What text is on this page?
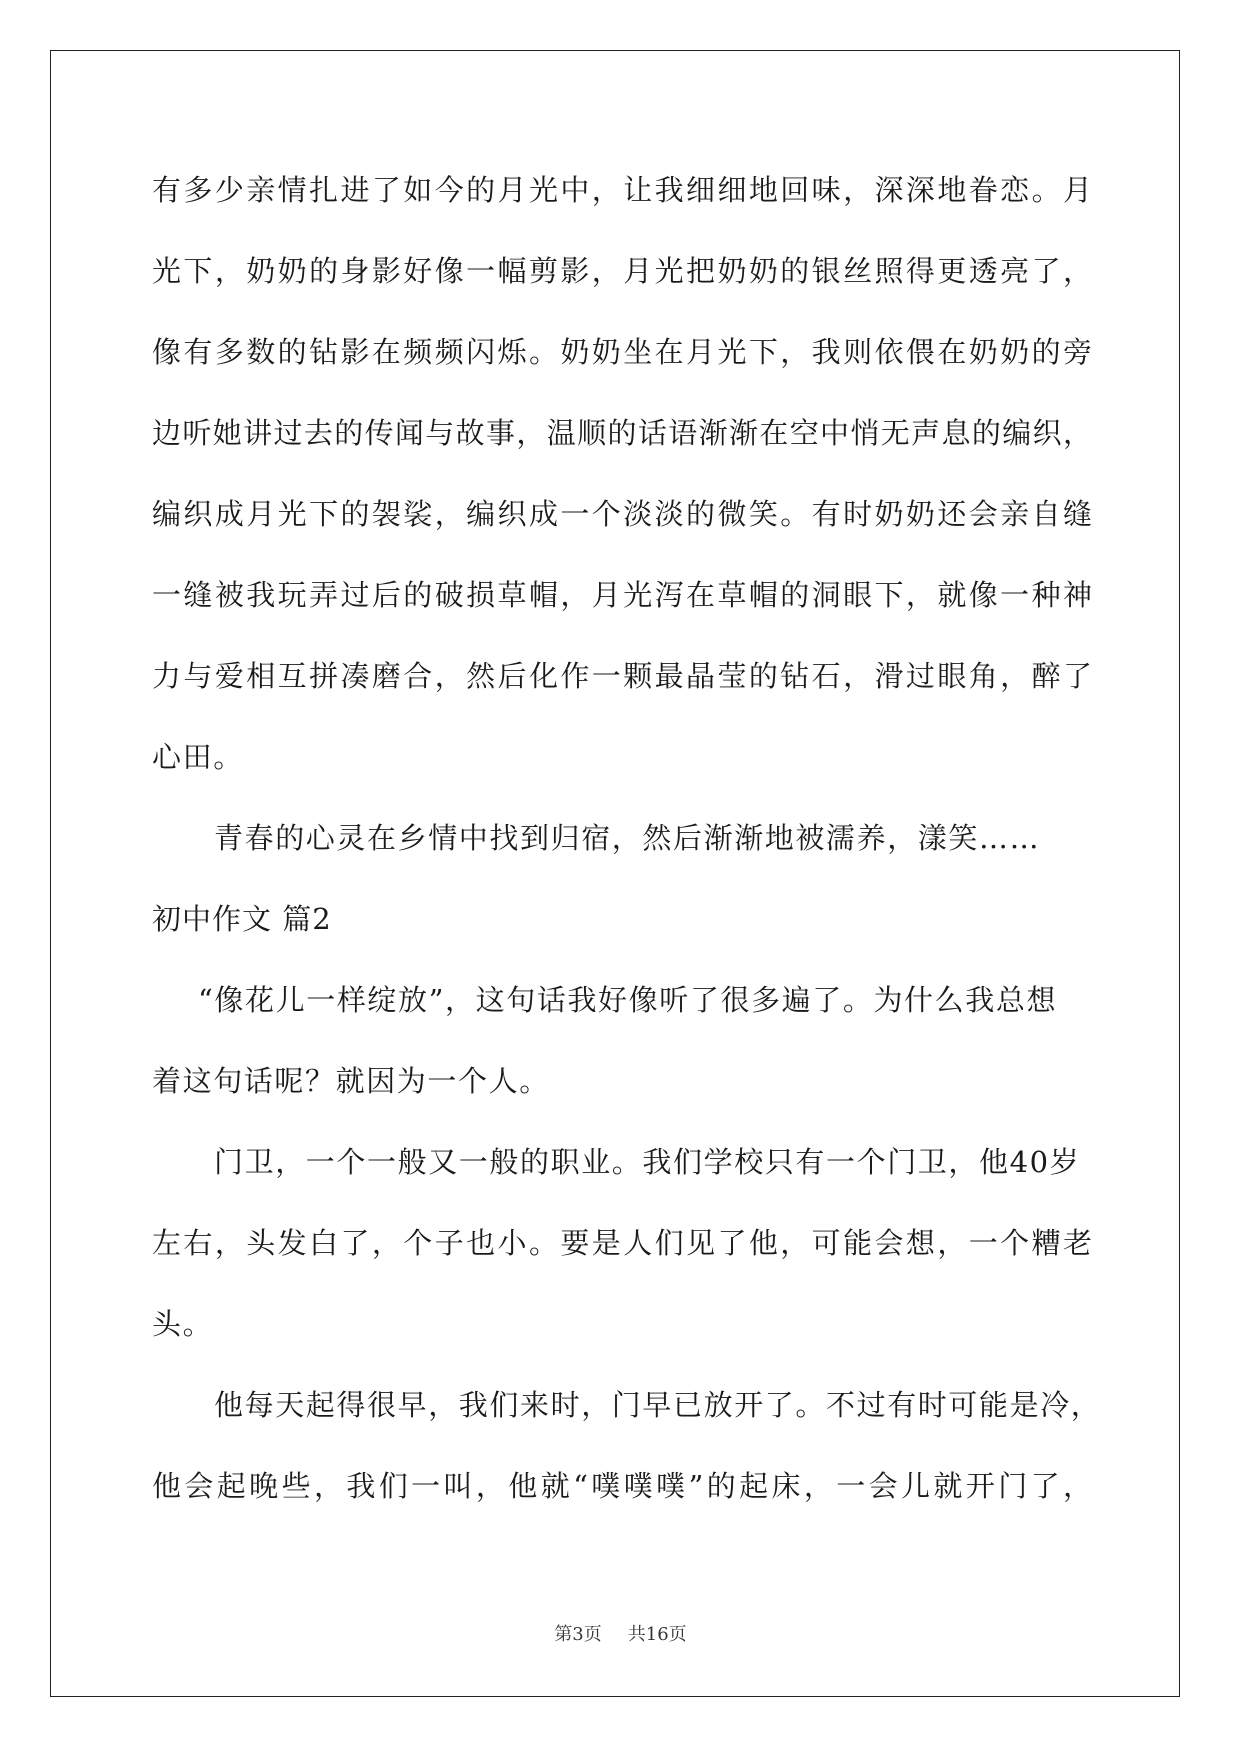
有多少亲情扎进了如今的月光中，让我细细地回味，深深地眷恋。月
光下，奶奶的身影好像一幅剪影，月光把奶奶的银丝照得更透亮了，
像有多数的钻影在频频闪烁。奶奶坐在月光下，我则依偎在奶奶的旁
边听她讲过去的传闻与故事，温顺的话语渐渐在空中悄无声息的编织，
编织成月光下的袈裟，编织成一个淡淡的微笑。有时奶奶还会亲自缝
一缝被我玩弄过后的破损草帽，月光泻在草帽的洞眼下，就像一种神
力与爱相互拼凑磨合，然后化作一颗最晶莹的钻石，滑过眼角，醉了
心田。
青春的心灵在乡情中找到归宿，然后渐渐地被濡养，漾笑……
初中作文 篇2
“像花儿一样绽放”，这句话我好像听了很多遍了。为什么我总想
着这句话呢？就因为一个人。
门卫，一个一般又一般的职业。我们学校只有一个门卫，他40岁
左右，头发白了，个子也小。要是人们见了他，可能会想，一个糟老
头。
他每天起得很早，我们来时，门早已放开了。不过有时可能是冷，
他会起晚些，我们一叫，他就“噗噗噗”的起床，一会儿就开门了，
第3页 共16页
